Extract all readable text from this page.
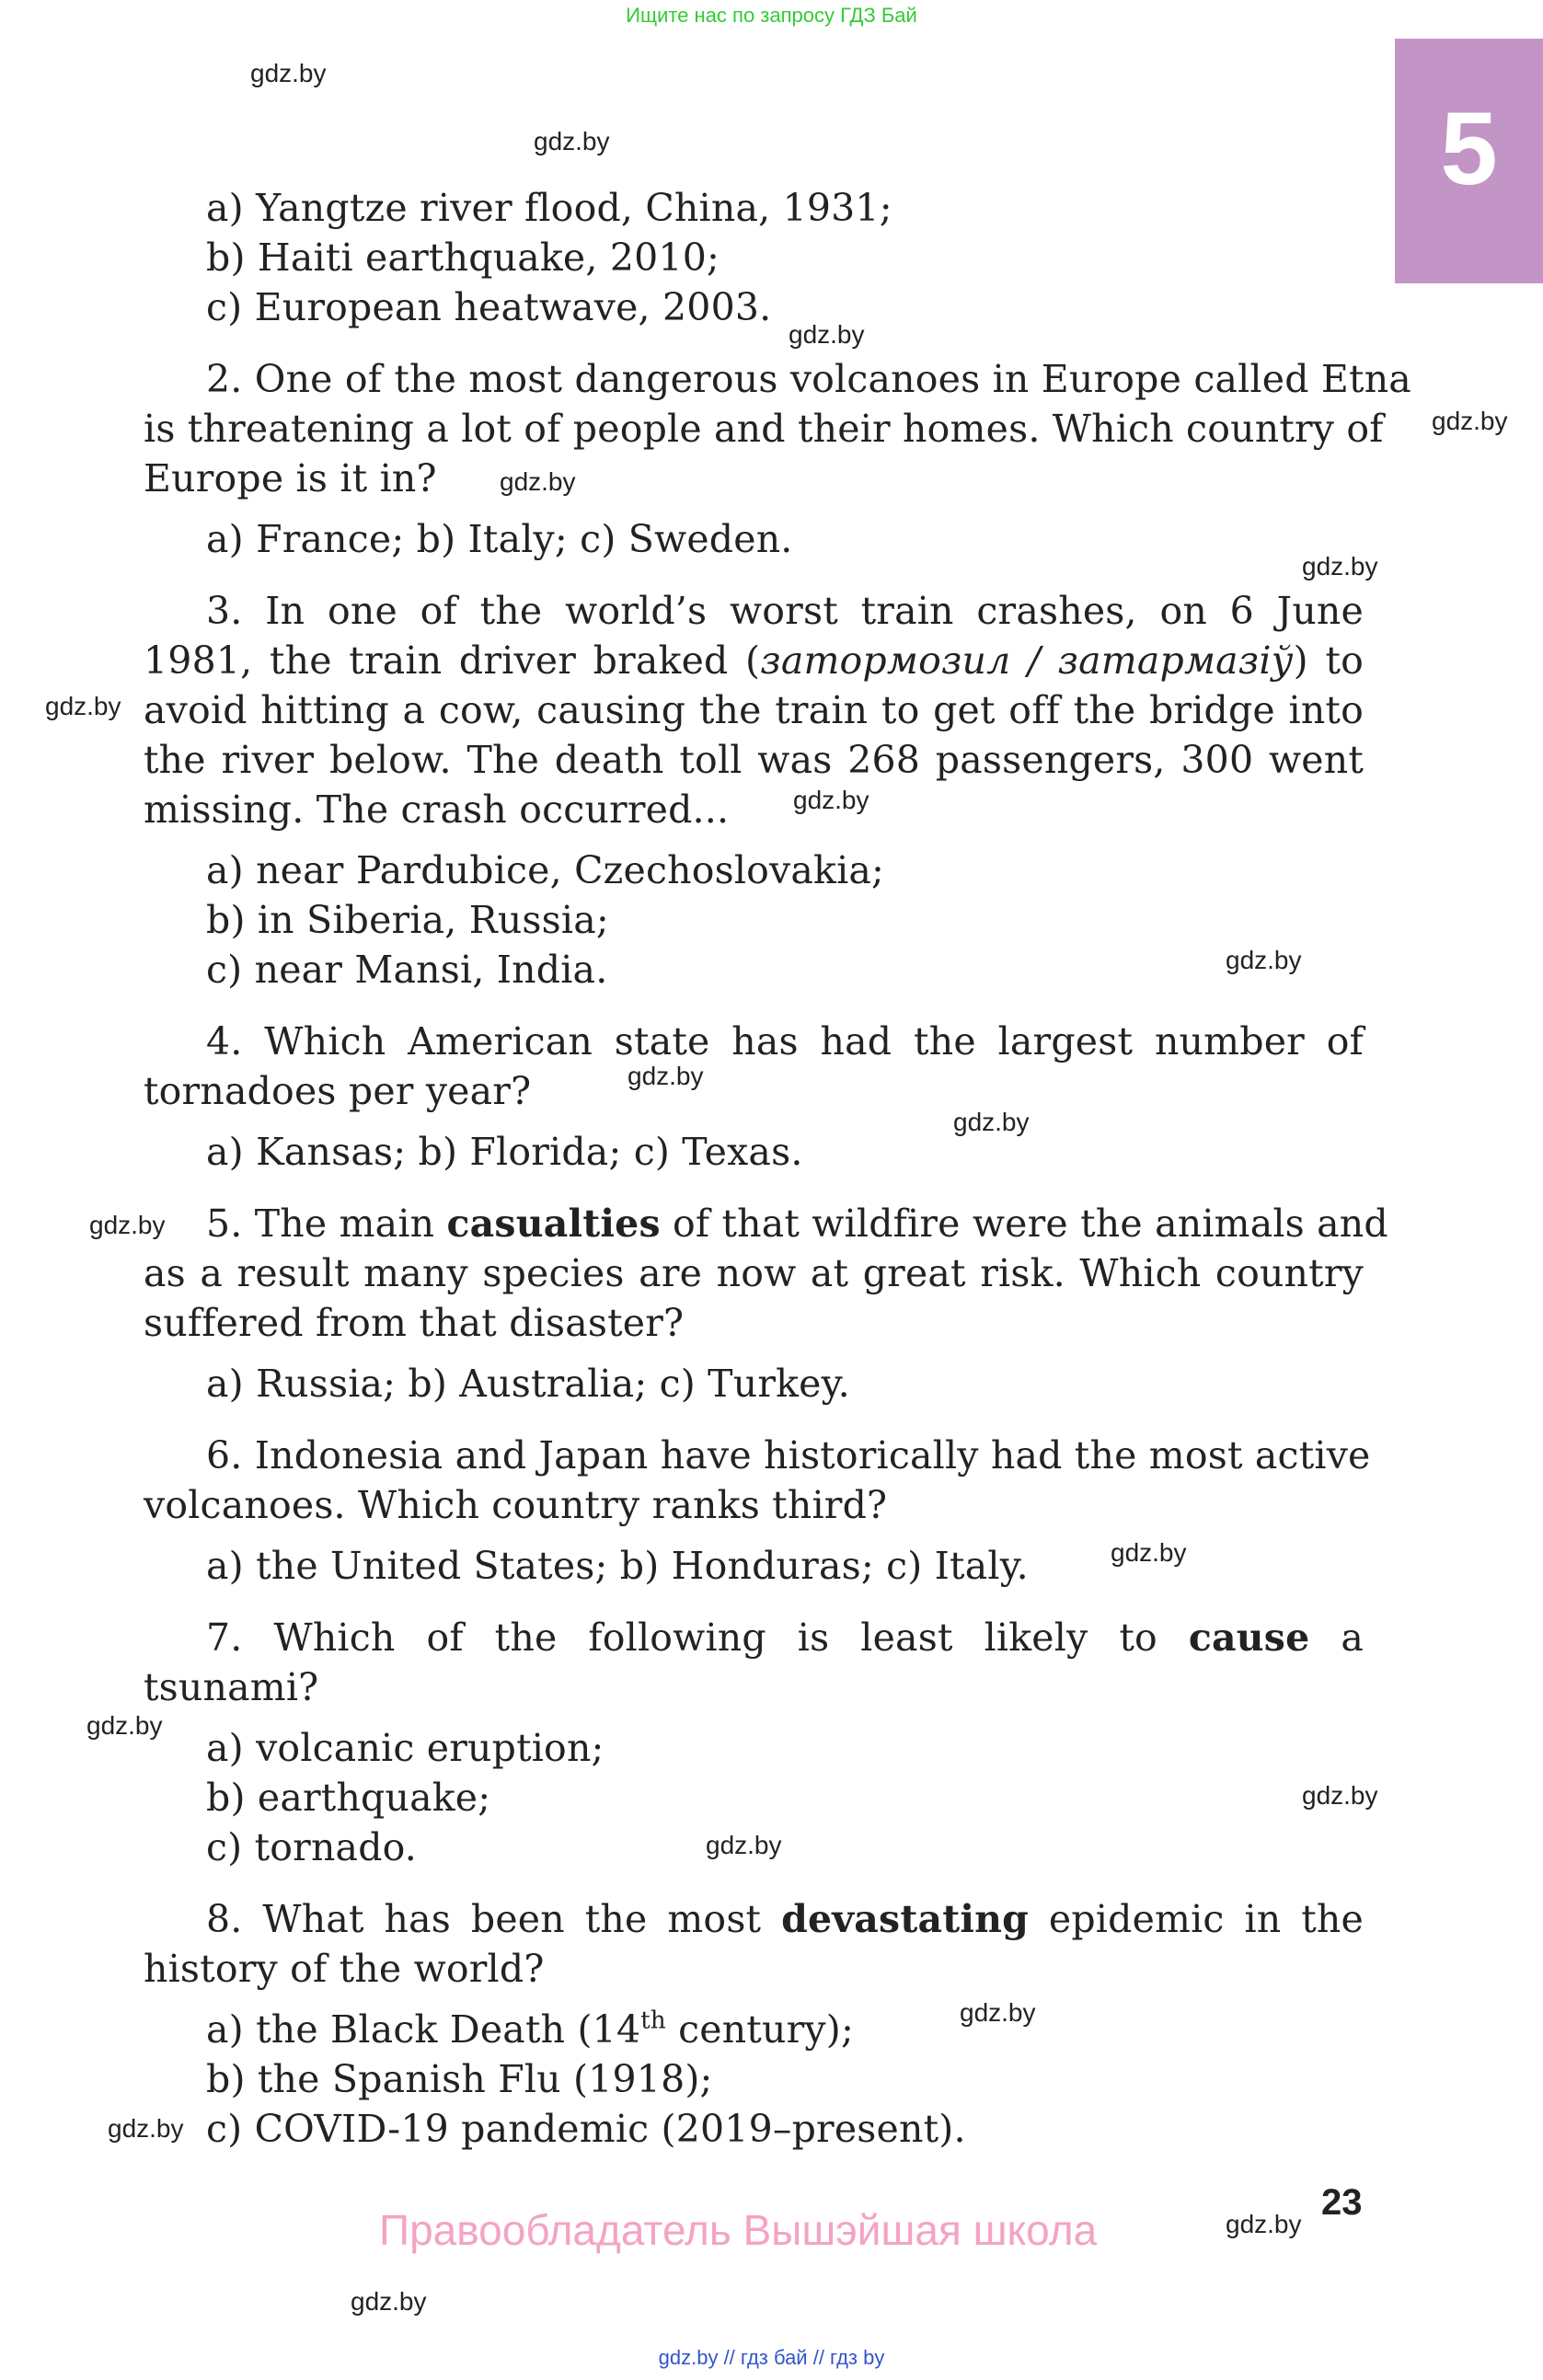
Ищите нас по запросу ГДЗ Бай
5
gdz.by
gdz.by
gdz.by
gdz.by
gdz.by
gdz.by
gdz.by
gdz.by
gdz.by
gdz.by
gdz.by
gdz.by
gdz.by
gdz.by
gdz.by
gdz.by
gdz.by
gdz.by
gdz.by
gdz.by
a) Yangtze river flood, China, 1931;
b) Haiti earthquake, 2010;
c) European heatwave, 2003.
2. One of the most dangerous volcanoes in Europe called Etna
is threatening a lot of people and their homes. Which country of
Europe is it in?
a) France; b) Italy; c) Sweden.
3. In one of the world’s worst train crashes, on 6 June
1981, the train driver braked (затормозил / затармазіў) to
avoid hitting a cow, causing the train to get off the bridge into
the river below. The death toll was 268 passengers, 300 went
missing. The crash occurred...
a) near Pardubice, Czechoslovakia;
b) in Siberia, Russia;
c) near Mansi, India.
4. Which American state has had the largest number of
tornadoes per year?
a) Kansas; b) Florida; c) Texas.
5. The main casualties of that wildfire were the animals and
as a result many species are now at great risk. Which country
suffered from that disaster?
a) Russia; b) Australia; c) Turkey.
6. Indonesia and Japan have historically had the most active
volcanoes. Which country ranks third?
a) the United States; b) Honduras; c) Italy.
7. Which of the following is least likely to cause a
tsunami?
a) volcanic eruption;
b) earthquake;
c) tornado.
8. What has been the most devastating epidemic in the
history of the world?
a) the Black Death (14th century);
b) the Spanish Flu (1918);
c) COVID-19 pandemic (2019–present).
Правообладатель Вышэйшая школа
23
gdz.by // гдз бай // гдз by
